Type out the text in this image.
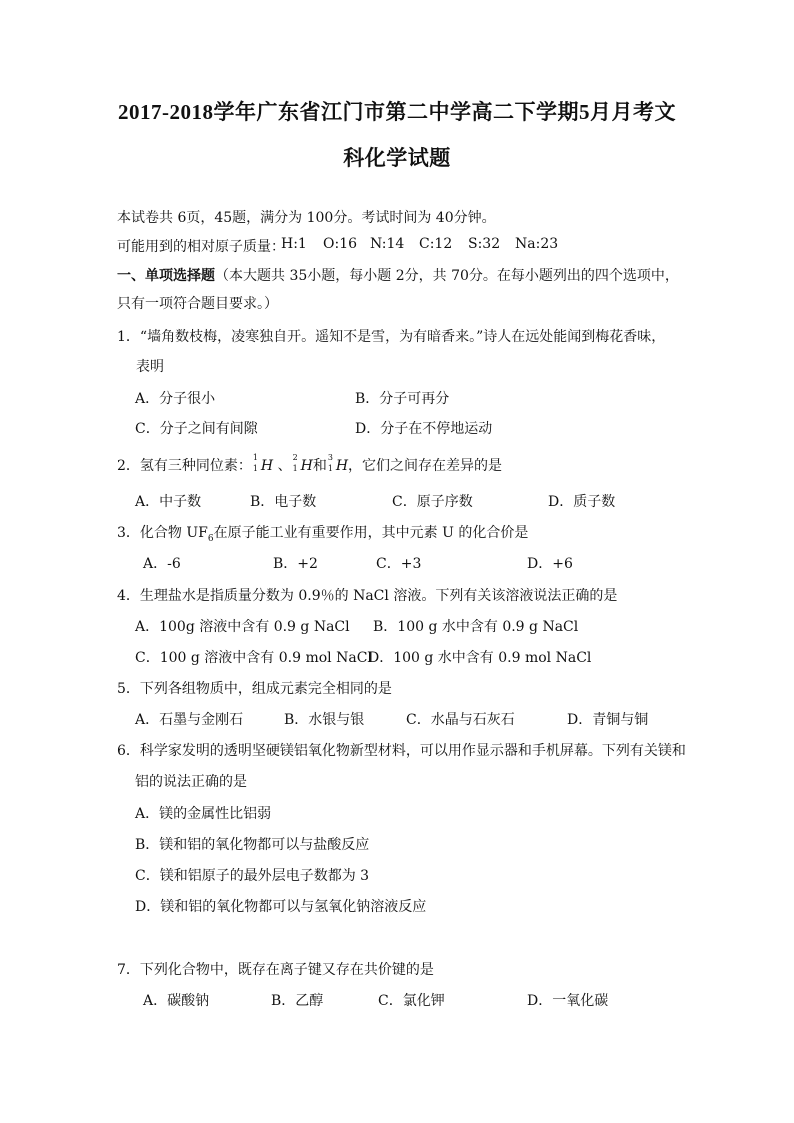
2017-2018学年广东省江门市第二中学高二下学期5月月考文
科化学试题
本试卷共 6页，45题，满分为 100分。考试时间为 40分钟。
可能用到的相对原子质量：
H:1 O:16 N:14 C:12 S:32 Na:23
一、单项选择题（本大题共 35小题，每小题 2分，共 70分。在每小题列出的四个选项中，
只有一项符合题目要求。）
1．“墙角数枝梅，凌寒独自开。遥知不是雪，为有暗香来。”诗人在远处能闻到梅花香味，
表明
A．分子很小	B．分子可再分
C．分子之间有间隙	D．分子在不停地运动
2．氢有三种同位素：
1
1 H 、
2
1 H和
3
1 H，它们之间存在差异的是
A．中子数	B．电子数	C．原子序数	D．质子数
3．化合物 $UF_6$在原子能工业有重要作用，其中元素 U 的化合价是
A．-6	B．+2	C．+3	D．+6
4．生理盐水是指质量分数为 0.9％的 NaCl 溶液。下列有关该溶液说法正确的是
A．100g 溶液中含有 0.9 g NaCl B．100 g 水中含有 0.9 g NaCl
C．100 g 溶液中含有 0.9 mol NaCl
D．100 g 水中含有 0.9 mol NaCl
5．下列各组物质中，组成元素完全相同的是
A．石墨与金刚石	B．水银与银	C．水晶与石灰石	D．青铜与铜
6．科学家发明的透明坚硬镁铝氧化物新型材料，可以用作显示器和手机屏幕。下列有关镁和
铝的说法正确的是
A．镁的金属性比铝弱
B．镁和铝的氧化物都可以与盐酸反应
C．镁和铝原子的最外层电子数都为 3
D．镁和铝的氧化物都可以与氢氧化钠溶液反应
7．下列化合物中，既存在离子键又存在共价键的是
A．碳酸钠	B．乙醇	C．氯化钾	D．一氧化碳
